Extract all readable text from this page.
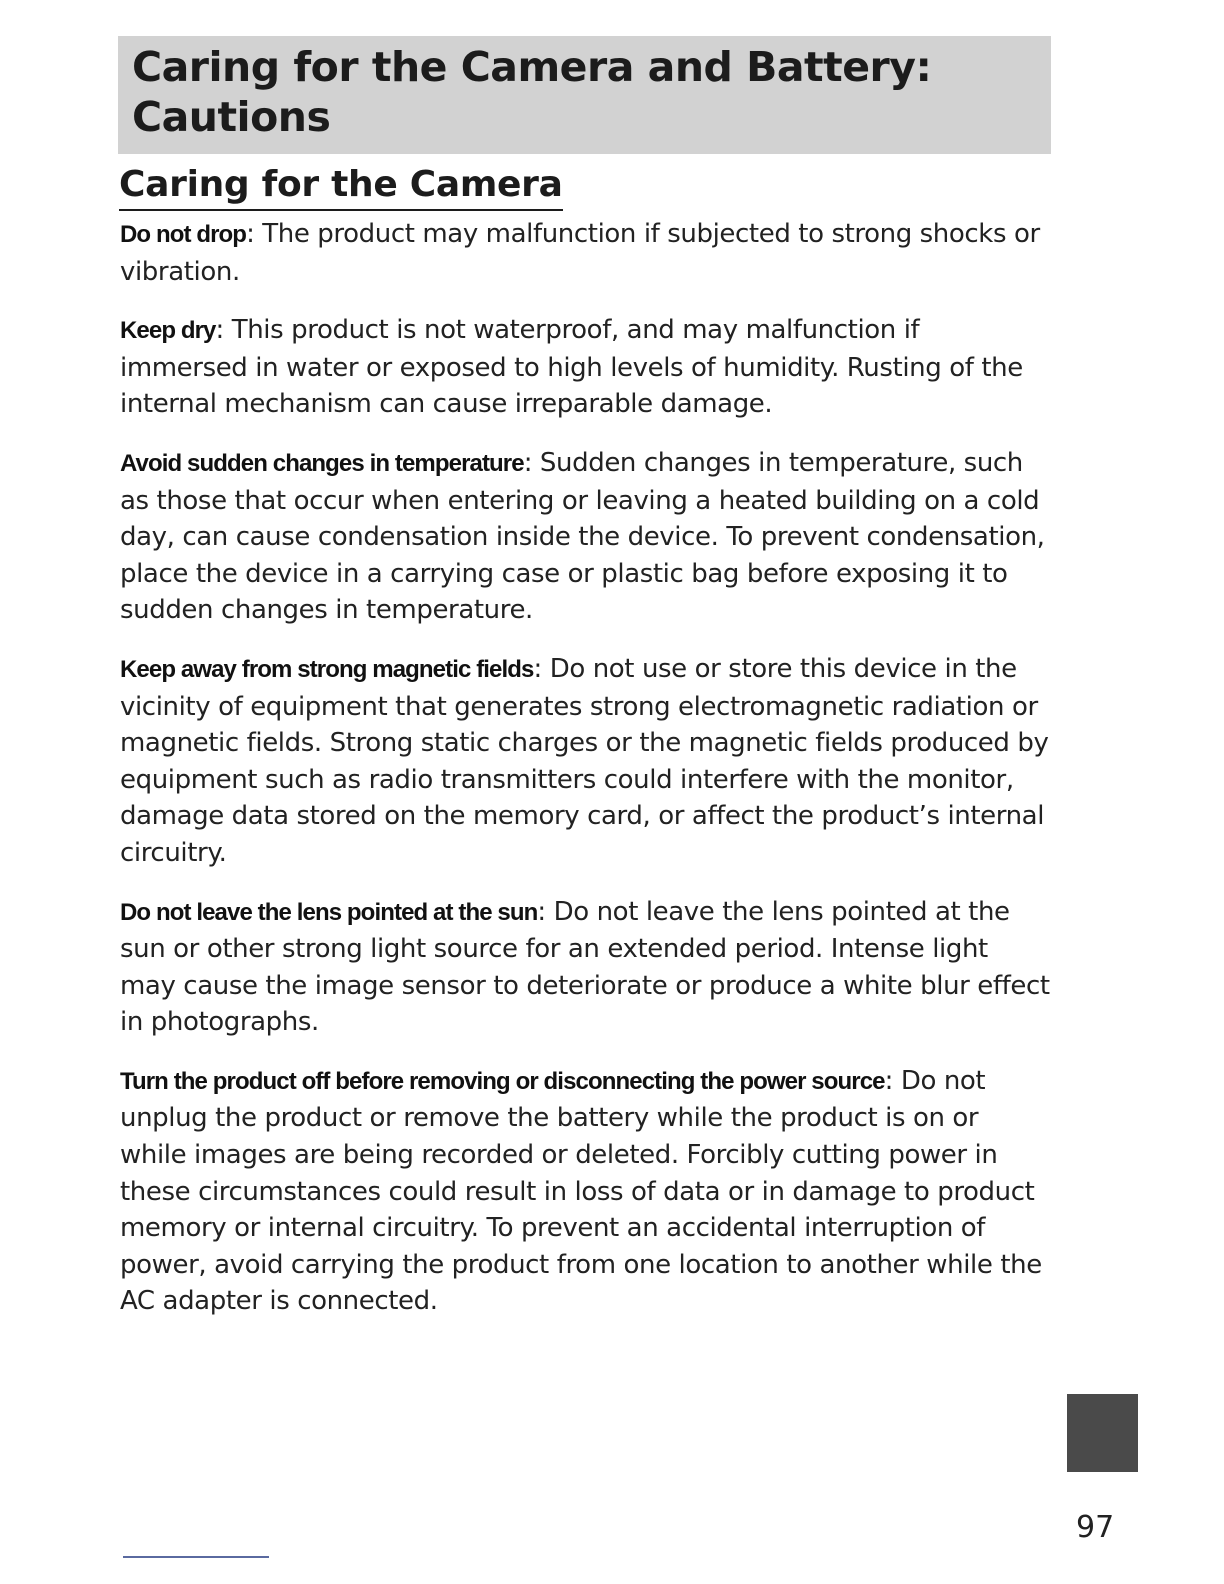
Caring for the Camera and Battery:
Cautions
Caring for the Camera

Do not drop: The product may malfunction if subjected to strong shocks or vibration.

Keep dry: This product is not waterproof, and may malfunction if immersed in water or exposed to high levels of humidity. Rusting of the internal mechanism can cause irreparable damage.

Avoid sudden changes in temperature: Sudden changes in temperature, such as those that occur when entering or leaving a heated building on a cold day, can cause condensation inside the device. To prevent condensation, place the device in a carrying case or plastic bag before exposing it to sudden changes in temperature.

Keep away from strong magnetic fields: Do not use or store this device in the vicinity of equipment that generates strong electromagnetic radiation or magnetic fields. Strong static charges or the magnetic fields produced by equipment such as radio transmitters could interfere with the monitor, damage data stored on the memory card, or affect the product’s internal circuitry.

Do not leave the lens pointed at the sun: Do not leave the lens pointed at the sun or other strong light source for an extended period. Intense light may cause the image sensor to deteriorate or produce a white blur effect in photographs.

Turn the product off before removing or disconnecting the power source: Do not unplug the product or remove the battery while the product is on or while images are being recorded or deleted. Forcibly cutting power in these circumstances could result in loss of data or in damage to product memory or internal circuitry. To prevent an accidental interruption of power, avoid carrying the product from one location to another while the AC adapter is connected.

97
